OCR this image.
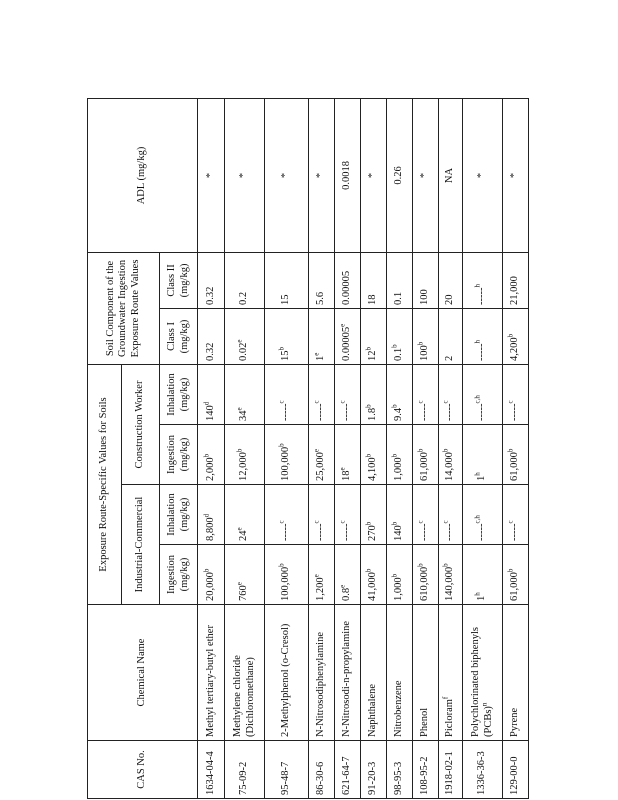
CAS No.	Chemical Name	Exposure Route-Specific Values for Soils				Soil Component of the Groundwater Ingestion Exposure Route Values		ADL (mg/kg)
		Industrial-Commercial		Construction Worker				
		Ingestion (mg/kg)	Inhalation (mg/kg)	Ingestion (mg/kg)	Inhalation (mg/kg)	Class I (mg/kg)	Class II (mg/kg)	
1634-04-4	Methyl tertiary-butyl ether	20,000$^b$	8,800$^d$	2,000$^b$	140$^d$	0.32	0.32	*
75-09-2	Methylene chloride (Dichloromethane)	760e	24e	12,000$^b$	34e	0.02e	0.2	*
95-48-7	2-Methylphenol (o-Cresol)	100,000$^b$	-----$^c$	100,000$^b$	-----$^c$	15$^b$	15	*
86-30-6	N-Nitrosodiphenylamine	1,200e	-----$^c$	25,000e	-----$^c$	1e	5.6	*
621-64-7	N-Nitrosodi-n-propylamine	0.8e	-----$^c$	18e	-----$^c$	0.00005e	0.00005	0.0018
91-20-3	Naphthalene	41,000$^b$	270$^b$	4,100$^b$	1.8$^b$	12$^b$	18	*
98-95-3	Nitrobenzene	1,000$^b$	140$^b$	1,000$^b$	9.4$^b$	0.1$^b$	0.1	0.26
108-95-2	Phenol	610,000$^b$	-----$^c$	61,000$^b$	-----$^c$	100$^b$	100	*
1918-02-1	Picloram$^f$	140,000$^b$	-----$^c$	14,000$^b$	-----$^c$	2	20	NA
1336-36-3	Polychlorinated biphenyls (PCBs)$^n$	1$^h$	-----$^{c,h}$	1$^h$	-----$^{c,h}$	-----$^h$	-----$^h$	*
129-00-0	Pyrene	61,000$^b$	-----$^c$	61,000$^b$	-----$^c$	4,200$^b$	21,000	*
